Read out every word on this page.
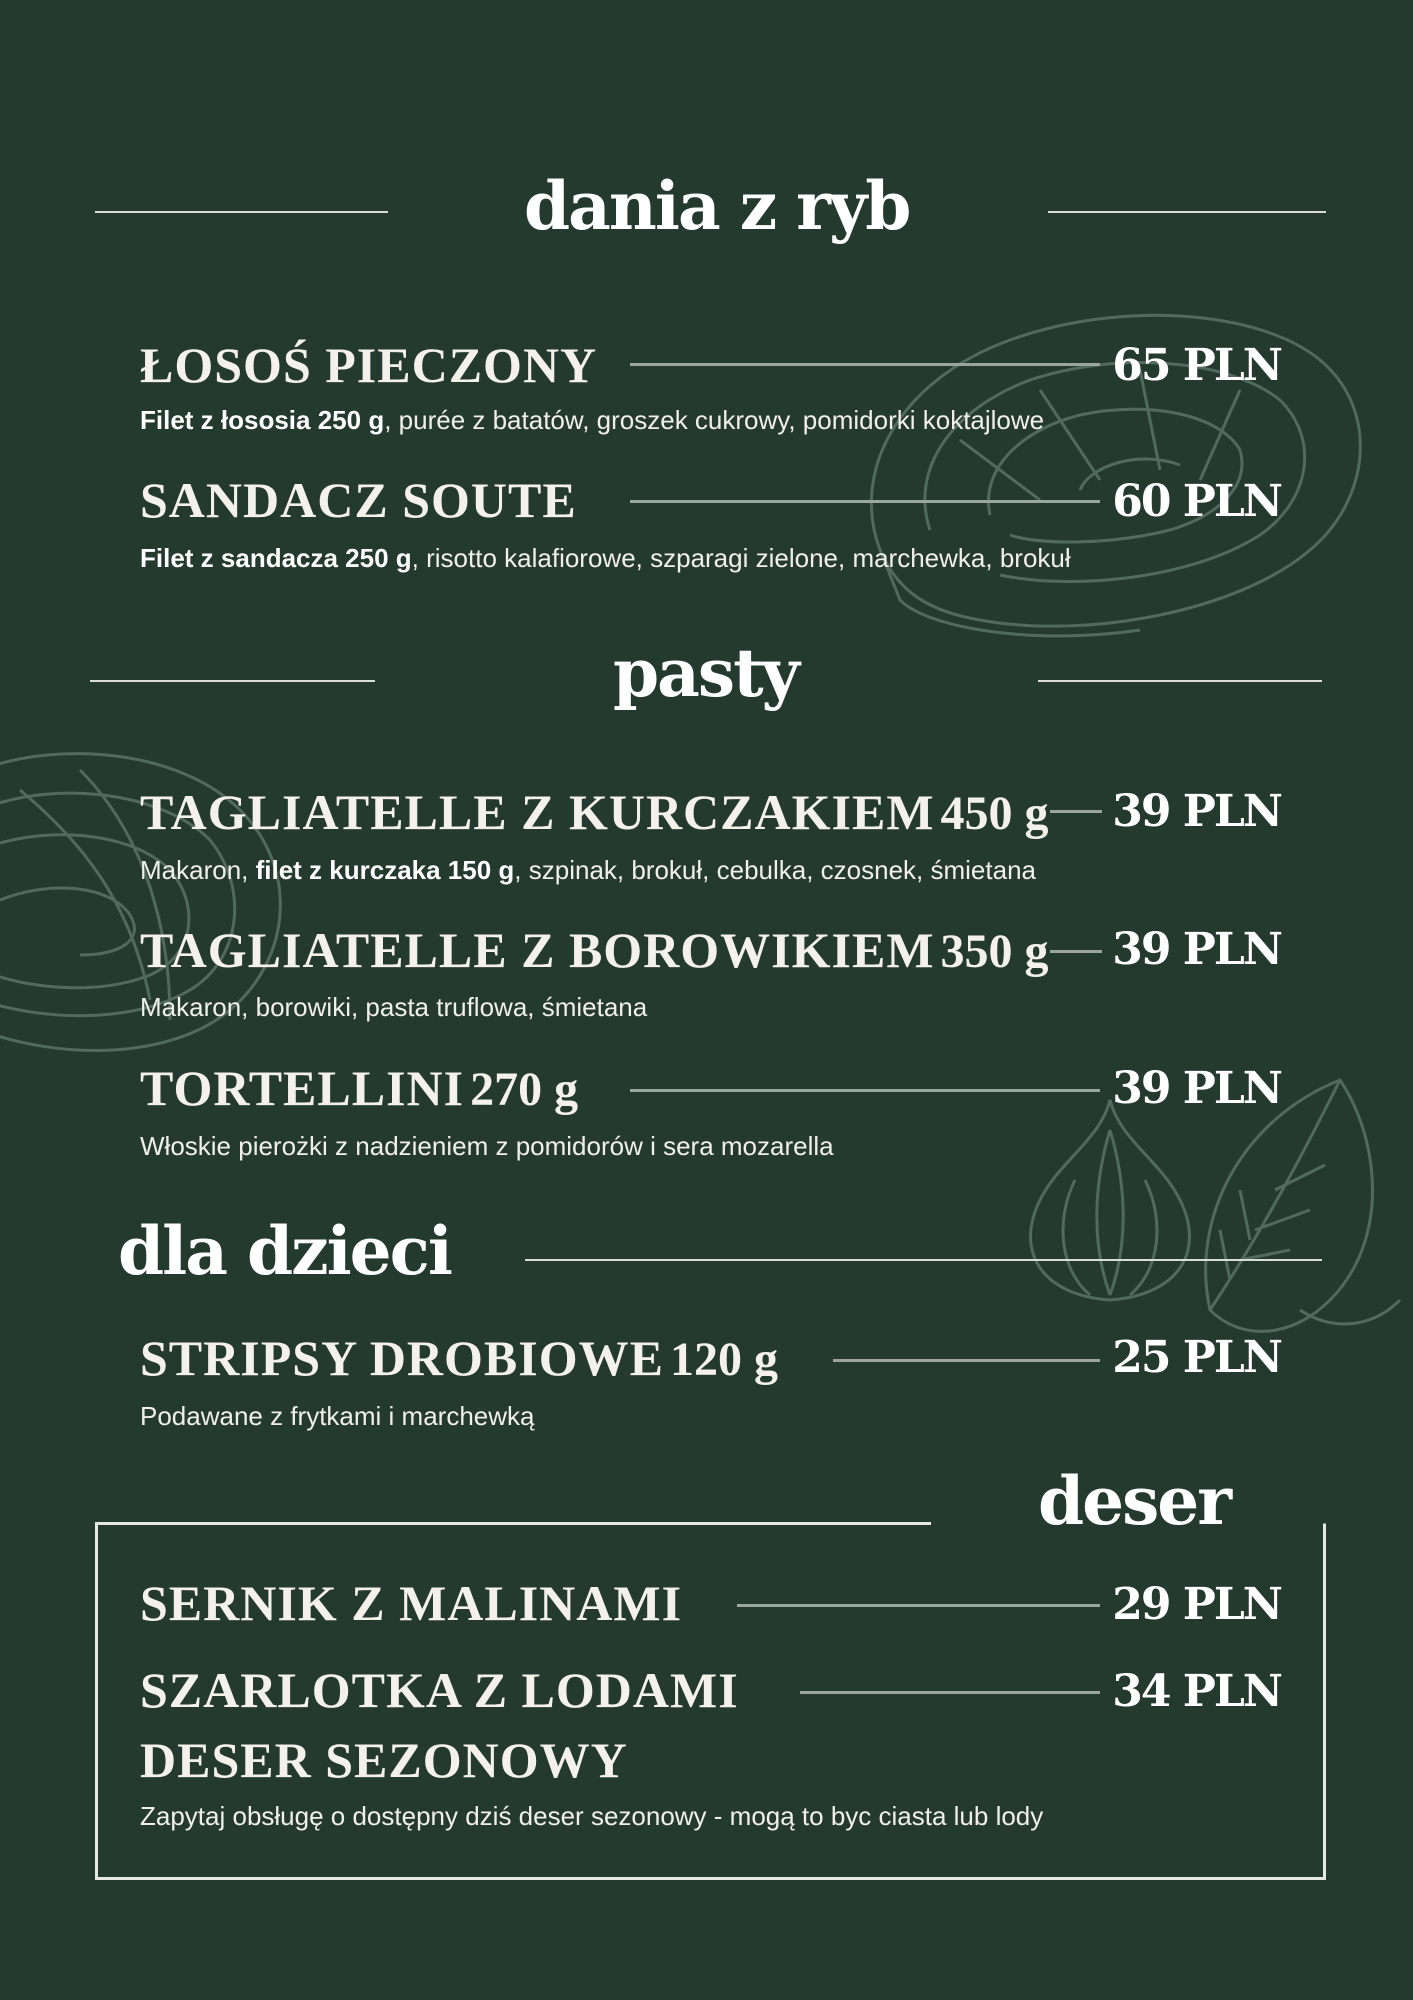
dania z ryb
ŁOSOŚ PIECZONY	65 PLN

Filet z łososia 250 g, purée z batatów, groszek cukrowy, pomidorki koktajlowe

SANDACZ SOUTE	60 PLN

Filet z sandacza 250 g, risotto kalafiorowe, szparagi zielone, marchewka, brokuł

pasty
TAGLIATELLE Z KURCZAKIEM 450 g 39 PLN

Makaron, filet z kurczaka 150 g, szpinak, brokuł, cebulka, czosnek, śmietana

TAGLIATELLE Z BOROWIKIEM 350 g 39 PLN

Makaron, borowiki, pasta truflowa, śmietana

TORTELLINI 270 g	39 PLN

Włoskie pierożki z nadzieniem z pomidorów i sera mozarella

dla dzieci
STRIPSY DROBIOWE 120 g	25 PLN

Podawane z frytkami i marchewką

deser
SERNIK Z MALINAMI	29 PLN
SZARLOTKA Z LODAMI	34 PLN
DESER SEZONOWY

Zapytaj obsługę o dostępny dziś deser sezonowy - mogą to byc ciasta lub lody
